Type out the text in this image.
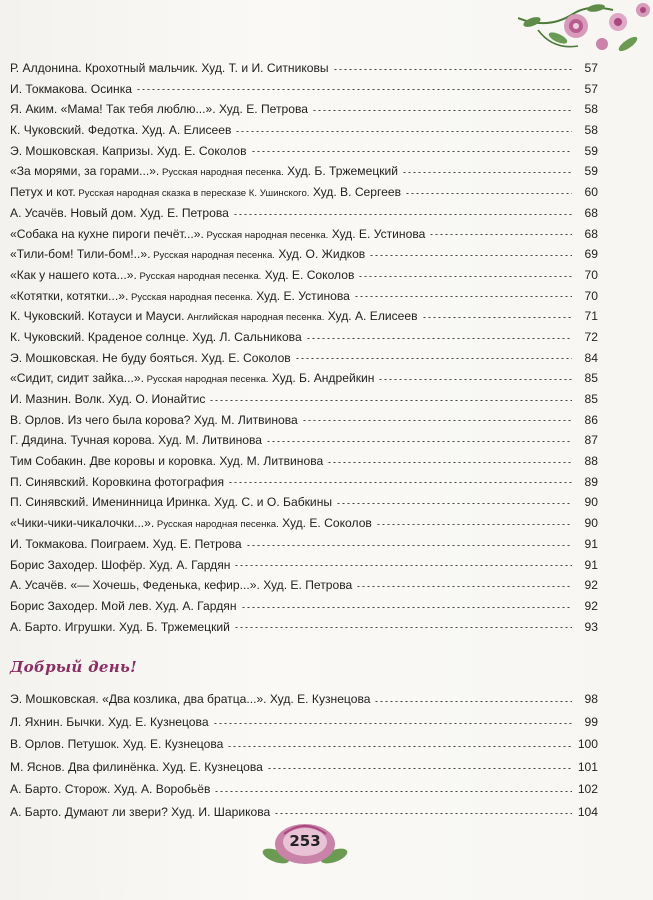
Р. Алдонина. Крохотный мальчик. Худ. Т. и И. Ситниковы	57
И. Токмакова. Осинка	57
Я. Аким. «Мама! Так тебя люблю...». Худ. Е. Петрова	58
К. Чуковский. Федотка. Худ. А. Елисеев	58
Э. Мошковская. Капризы. Худ. Е. Соколов	59
«За морями, за горами...». Русская народная песенка. Худ. Б. Тржемецкий	59
Петух и кот. Русская народная сказка в пересказе К. Ушинского. Худ. В. Сергеев	60
А. Усачёв. Новый дом. Худ. Е. Петрова	68
«Собака на кухне пироги печёт...». Русская народная песенка. Худ. Е. Устинова	68
«Тили-бом! Тили-бом!..». Русская народная песенка. Худ. О. Жидков	69
«Как у нашего кота...». Русская народная песенка. Худ. Е. Соколов	70
«Котятки, котятки...». Русская народная песенка. Худ. Е. Устинова	70
К. Чуковский. Котауси и Мауси. Английская народная песенка. Худ. А. Елисеев	71
К. Чуковский. Краденое солнце. Худ. Л. Сальникова	72
Э. Мошковская. Не буду бояться. Худ. Е. Соколов	84
«Сидит, сидит зайка...». Русская народная песенка. Худ. Б. Андрейкин	85
И. Мазнин. Волк. Худ. О. Ионайтис	85
В. Орлов. Из чего была корова? Худ. М. Литвинова	86
Г. Дядина. Тучная корова. Худ. М. Литвинова	87
Тим Собакин. Две коровы и коровка. Худ. М. Литвинова	88
П. Синявский. Коровкина фотография	89
П. Синявский. Именинница Иринка. Худ. С. и О. Бабкины	90
«Чики-чики-чикалочки...». Русская народная песенка. Худ. Е. Соколов	90
И. Токмакова. Поиграем. Худ. Е. Петрова	91
Борис Заходер. Шофёр. Худ. А. Гардян	91
А. Усачёв. «— Хочешь, Феденька, кефир...». Худ. Е. Петрова	92
Борис Заходер. Мой лев. Худ. А. Гардян	92
А. Барто. Игрушки. Худ. Б. Тржемецкий	93
Добрый день!
Э. Мошковская. «Два козлика, два братца...». Худ. Е. Кузнецова	98
Л. Яхнин. Бычки. Худ. Е. Кузнецова	99
В. Орлов. Петушок. Худ. Е. Кузнецова	100
М. Яснов. Два филинёнка. Худ. Е. Кузнецова	101
А. Барто. Сторож. Худ. А. Воробьёв	102
А. Барто. Думают ли звери? Худ. И. Шарикова	104
253
